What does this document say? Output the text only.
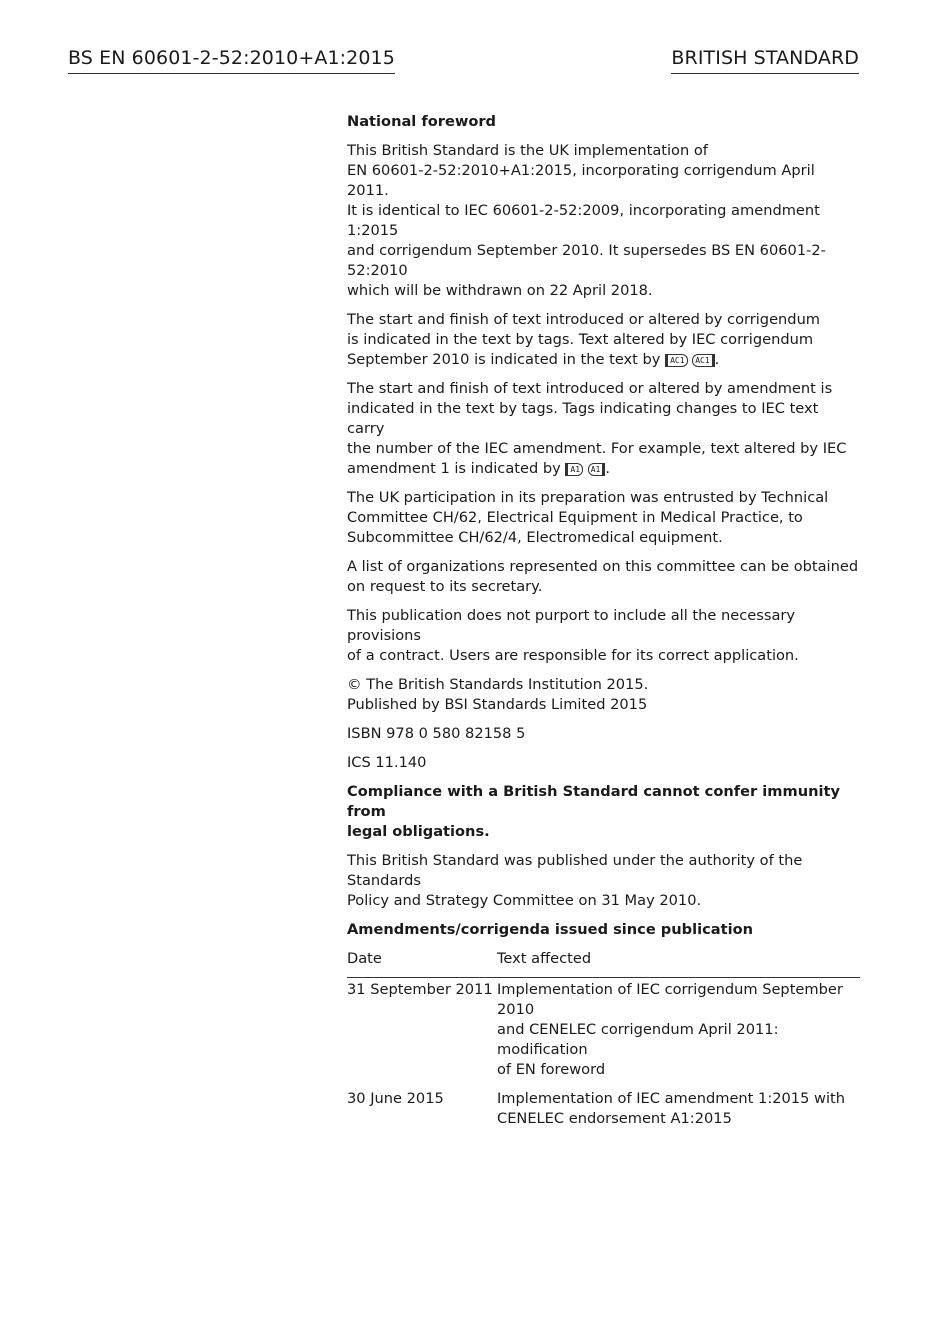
BS EN 60601-2-52:2010+A1:2015	BRITISH STANDARD
National foreword

This British Standard is the UK implementation of
EN 60601-2-52:2010+A1:2015, incorporating corrigendum April 2011.
It is identical to IEC 60601-2-52:2009, incorporating amendment 1:2015
and corrigendum September 2010. It supersedes BS EN 60601-2-52:2010
which will be withdrawn on 22 April 2018.

The start and finish of text introduced or altered by corrigendum
is indicated in the text by tags. Text altered by IEC corrigendum
September 2010 is indicated in the text by AC1 AC1 .

The start and finish of text introduced or altered by amendment is
indicated in the text by tags. Tags indicating changes to IEC text carry
the number of the IEC amendment. For example, text altered by IEC
amendment 1 is indicated by A1 A1 .

The UK participation in its preparation was entrusted by Technical
Committee CH/62, Electrical Equipment in Medical Practice, to
Subcommittee CH/62/4, Electromedical equipment.

A list of organizations represented on this committee can be obtained
on request to its secretary.

This publication does not purport to include all the necessary provisions
of a contract. Users are responsible for its correct application.

© The British Standards Institution 2015.
Published by BSI Standards Limited 2015

ISBN 978 0 580 82158 5

ICS 11.140

Compliance with a British Standard cannot confer immunity from
legal obligations.

This British Standard was published under the authority of the Standards
Policy and Strategy Committee on 31 May 2010.

Amendments/corrigenda issued since publication
Date	Text affected
31 September 2011	Implementation of IEC corrigendum September 2010
and CENELEC corrigendum April 2011: modification
of EN foreword
30 June 2015	Implementation of IEC amendment 1:2015 with
CENELEC endorsement A1:2015
